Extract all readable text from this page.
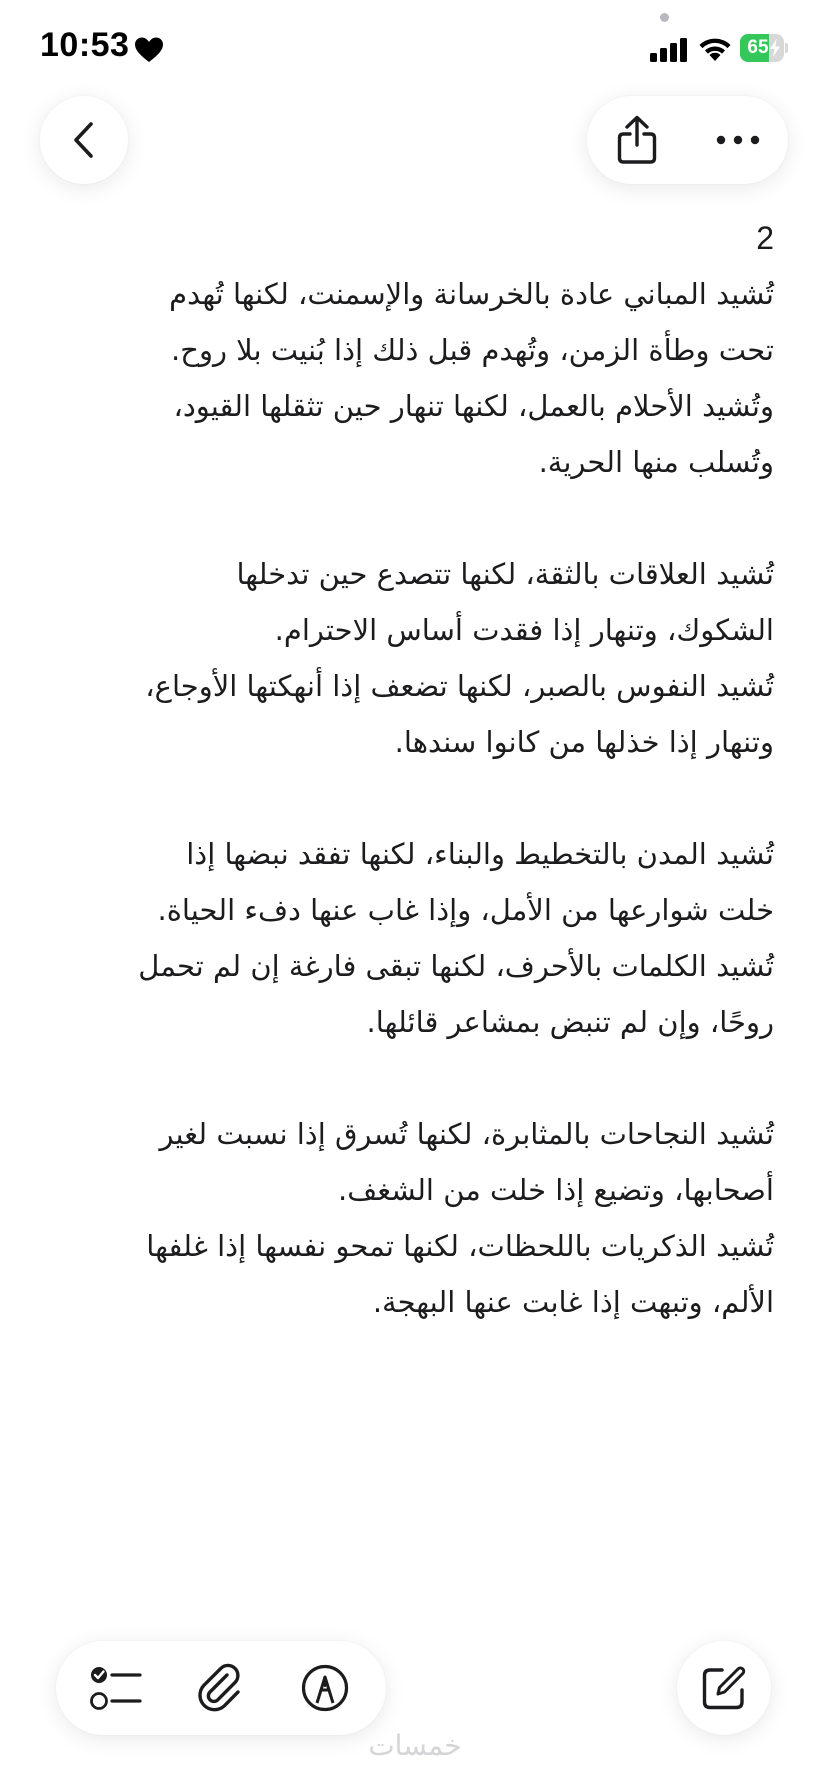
10:53	65
2
تُشيد المباني عادة بالخرسانة والإسمنت، لكنها تُهدم
تحت وطأة الزمن، وتُهدم قبل ذلك إذا بُنيت بلا روح.
وتُشيد الأحلام بالعمل، لكنها تنهار حين تثقلها القيود،
وتُسلب منها الحرية.
تُشيد العلاقات بالثقة، لكنها تتصدع حين تدخلها
الشكوك، وتنهار إذا فقدت أساس الاحترام.
تُشيد النفوس بالصبر، لكنها تضعف إذا أنهكتها الأوجاع،
وتنهار إذا خذلها من كانوا سندها.
تُشيد المدن بالتخطيط والبناء، لكنها تفقد نبضها إذا
خلت شوارعها من الأمل، وإذا غاب عنها دفء الحياة.
تُشيد الكلمات بالأحرف، لكنها تبقى فارغة إن لم تحمل
روحًا، وإن لم تنبض بمشاعر قائلها.
تُشيد النجاحات بالمثابرة، لكنها تُسرق إذا نسبت لغير
أصحابها، وتضيع إذا خلت من الشغف.
تُشيد الذكريات باللحظات، لكنها تمحو نفسها إذا غلفها
الألم، وتبهت إذا غابت عنها البهجة.
خمسات
